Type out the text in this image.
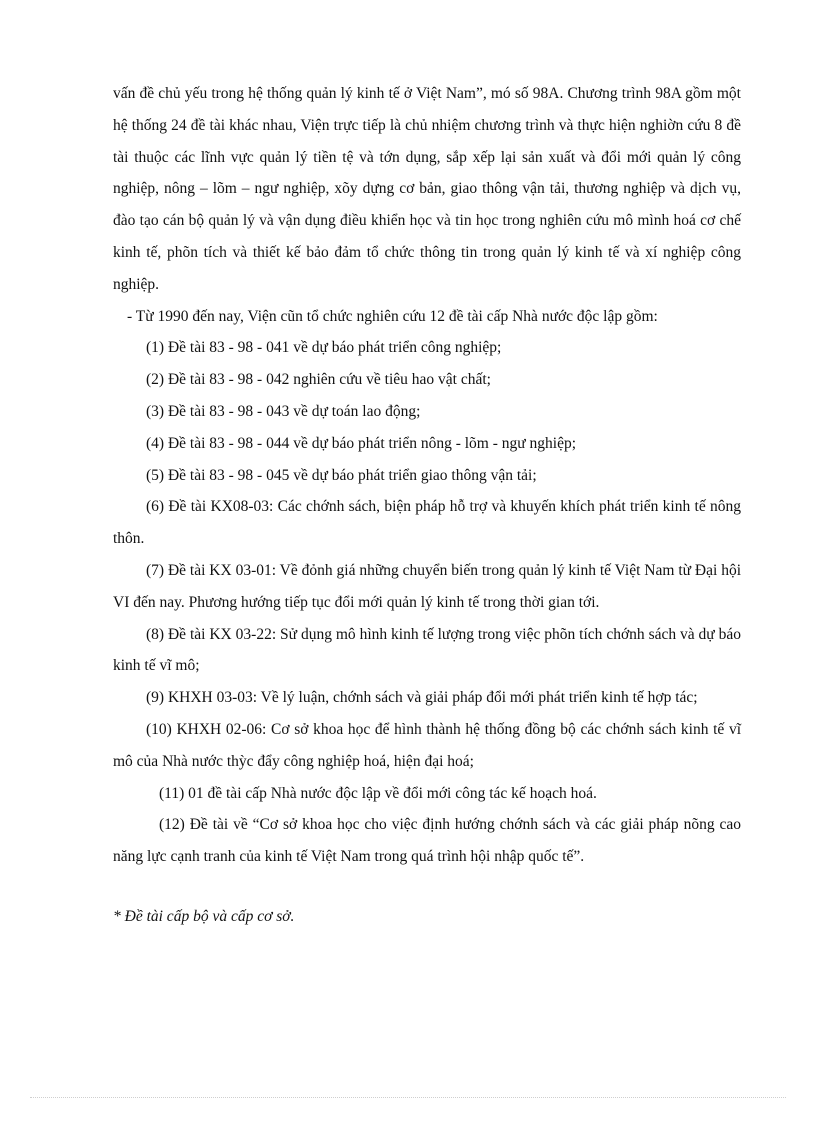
vấn đề chủ yếu trong hệ thống quản lý kinh tế ở Việt Nam”, mó số 98A. Chương trình 98A gồm một hệ thống 24 đề tài khác nhau, Viện trực tiếp là chủ nhiệm chương trình và thực hiện nghiờn cứu 8 đề tài thuộc các lĩnh vực quản lý tiền tệ và tớn dụng, sắp xếp lại sản xuất và đổi mới quản lý công nghiệp, nông – lõm – ngư nghiệp, xõy dựng cơ bản, giao thông vận tải, thương nghiệp và dịch vụ, đào tạo cán bộ quản lý và vận dụng điều khiển học và tin học trong nghiên cứu mô mình hoá cơ chế kinh tế, phõn tích và thiết kế bảo đảm tổ chức thông tin trong quản lý kinh tế và xí nghiệp công nghiệp.

- Từ 1990 đến nay, Viện cũn tổ chức nghiên cứu 12 đề tài cấp Nhà nước độc lập gồm:

(1) Đề tài 83 - 98 - 041 về dự báo phát triển công nghiệp;

(2) Đề tài 83 - 98 - 042 nghiên cứu về tiêu hao vật chất;

(3) Đề tài 83 - 98 - 043 về dự toán lao động;

(4) Đề tài 83 - 98 - 044 về dự báo phát triển nông - lõm - ngư nghiệp;

(5) Đề tài 83 - 98 - 045 về dự báo phát triển giao thông vận tải;

(6) Đề tài KX08-03: Các chớnh sách, biện pháp hỗ trợ và khuyến khích phát triển kinh tế nông thôn.

(7) Đề tài KX 03-01: Về đỏnh giá những chuyển biến trong quản lý kinh tế Việt Nam từ Đại hội VI đến nay. Phương hướng tiếp tục đổi mới quản lý kinh tế trong thời gian tới.

(8) Đề tài KX 03-22: Sử dụng mô hình kinh tế lượng trong việc phõn tích chớnh sách và dự báo kinh tế vĩ mô;

(9) KHXH 03-03: Về lý luận, chớnh sách và giải pháp đổi mới phát triển kinh tế hợp tác;

(10) KHXH 02-06: Cơ sở khoa học để hình thành hệ thống đồng bộ các chớnh sách kinh tế vĩ mô của Nhà nước thỳc đẩy công nghiệp hoá, hiện đại hoá;

(11) 01 đề tài cấp Nhà nước độc lập về đổi mới công tác kế hoạch hoá.

(12) Đề tài về “Cơ sở khoa học cho việc định hướng chớnh sách và các giải pháp nõng cao năng lực cạnh tranh của kinh tế Việt Nam trong quá trình hội nhập quốc tế”.

* Đề tài cấp bộ và cấp cơ sở.
